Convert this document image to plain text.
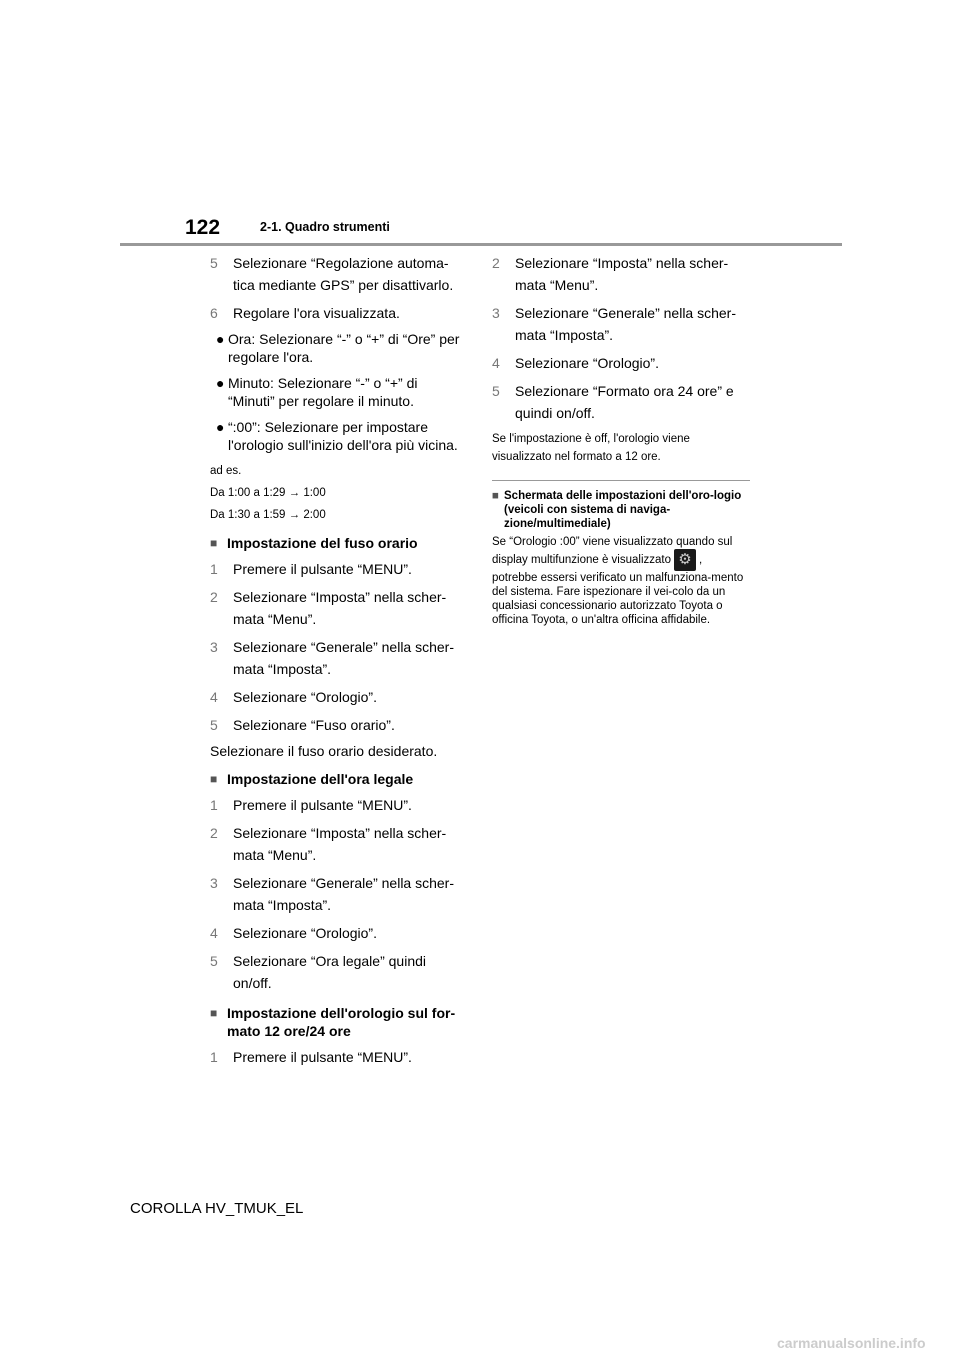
122	2-1. Quadro strumenti
5	Selezionare “Regolazione automa-tica mediante GPS” per disattivarlo.
6	Regolare l'ora visualizzata.
● Ora: Selezionare “-” o “+” di “Ore” per regolare l'ora.
● Minuto: Selezionare “-” o “+” di “Minuti” per regolare il minuto.
● “:00”: Selezionare per impostare l'orologio sull'inizio dell'ora più vicina.
ad es.
Da 1:00 a 1:29 → 1:00
Da 1:30 a 1:59 → 2:00
■ Impostazione del fuso orario
1	Premere il pulsante “MENU”.
2	Selezionare “Imposta” nella scher-mata “Menu”.
3	Selezionare “Generale” nella scher-mata “Imposta”.
4	Selezionare “Orologio”.
5	Selezionare “Fuso orario”.
Selezionare il fuso orario desiderato.
■ Impostazione dell'ora legale
1	Premere il pulsante “MENU”.
2	Selezionare “Imposta” nella scher-mata “Menu”.
3	Selezionare “Generale” nella scher-mata “Imposta”.
4	Selezionare “Orologio”.
5	Selezionare “Ora legale” quindi on/off.
■ Impostazione dell'orologio sul for-mato 12 ore/24 ore
1	Premere il pulsante “MENU”.
2	Selezionare “Imposta” nella scher-mata “Menu”.
3	Selezionare “Generale” nella scher-mata “Imposta”.
4	Selezionare “Orologio”.
5	Selezionare “Formato ora 24 ore” e quindi on/off.
Se l'impostazione è off, l'orologio viene visualizzato nel formato a 12 ore.
■ Schermata delle impostazioni dell'oro-logio (veicoli con sistema di naviga-zione/multimediale)
Se “Orologio :00” viene visualizzato quando sul display multifunzione è visualizzato ⚙ , potrebbe essersi verificato un malfunziona-mento del sistema. Fare ispezionare il vei-colo da un qualsiasi concessionario autorizzato Toyota o officina Toyota, o un'altra officina affidabile.
COROLLA HV_TMUK_EL
carmanualsonline.info
